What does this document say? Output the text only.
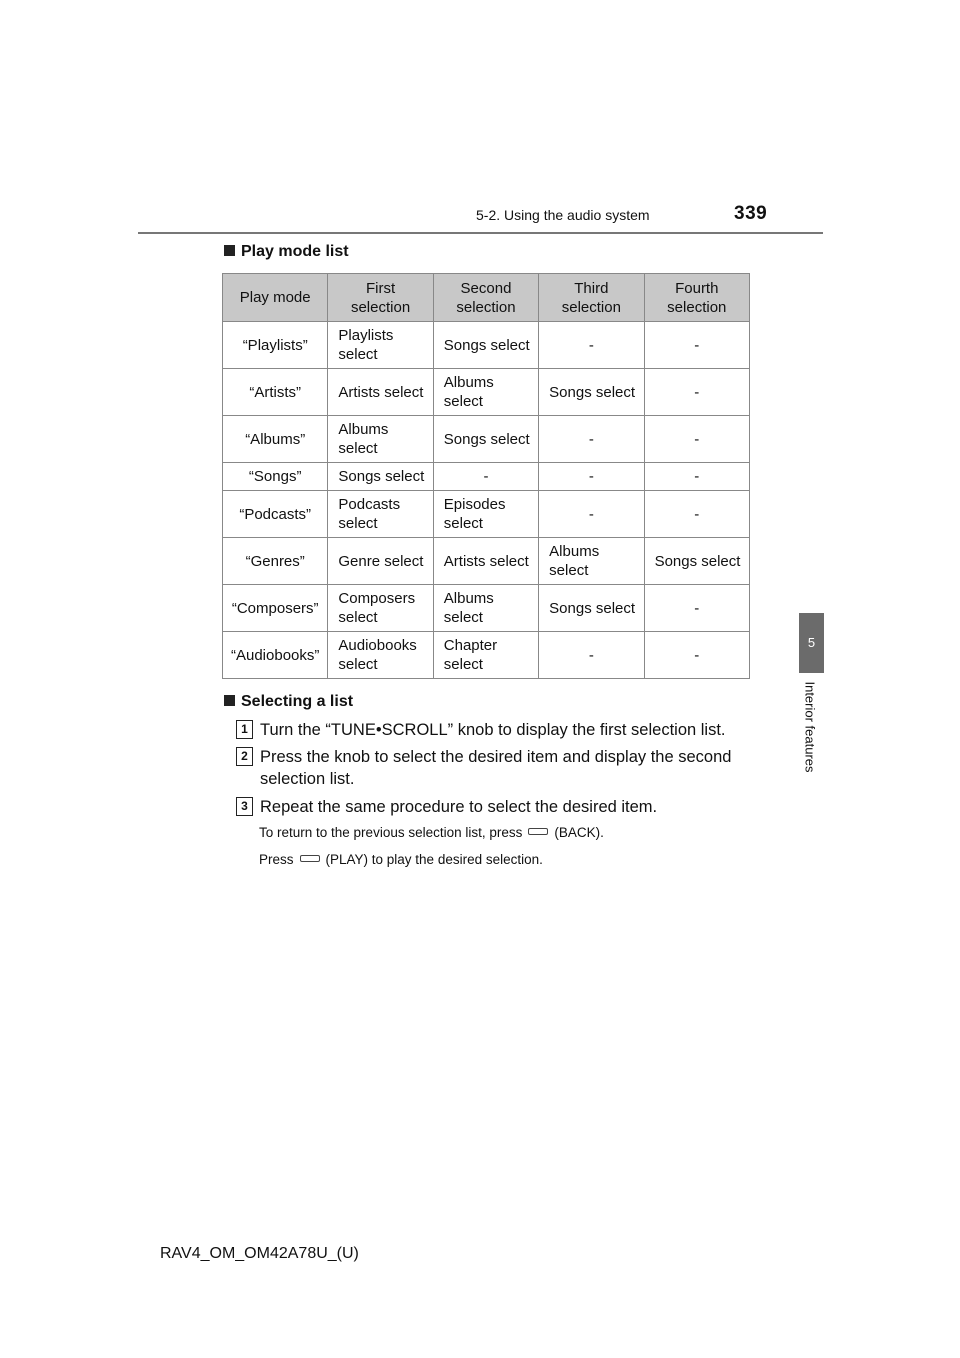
5-2. Using the audio system	339
5
Interior features
Play mode list
Play mode	First selection	Second selection	Third selection	Fourth selection
“Playlists”	Playlists select	Songs select	-	-
“Artists”	Artists select	Albums select	Songs select	-
“Albums”	Albums select	Songs select	-	-
“Songs”	Songs select	-	-	-
“Podcasts”	Podcasts select	Episodes select	-	-
“Genres”	Genre select	Artists select	Albums select	Songs select
“Composers”	Composers select	Albums select	Songs select	-
“Audiobooks”	Audiobooks select	Chapter select	-	-
Selecting a list
1 Turn the “TUNE•SCROLL” knob to display the first selection list.
2 Press the knob to select the desired item and display the second selection list.
3 Repeat the same procedure to select the desired item.
To return to the previous selection list, press (BACK).
Press (PLAY) to play the desired selection.
RAV4_OM_OM42A78U_(U)
